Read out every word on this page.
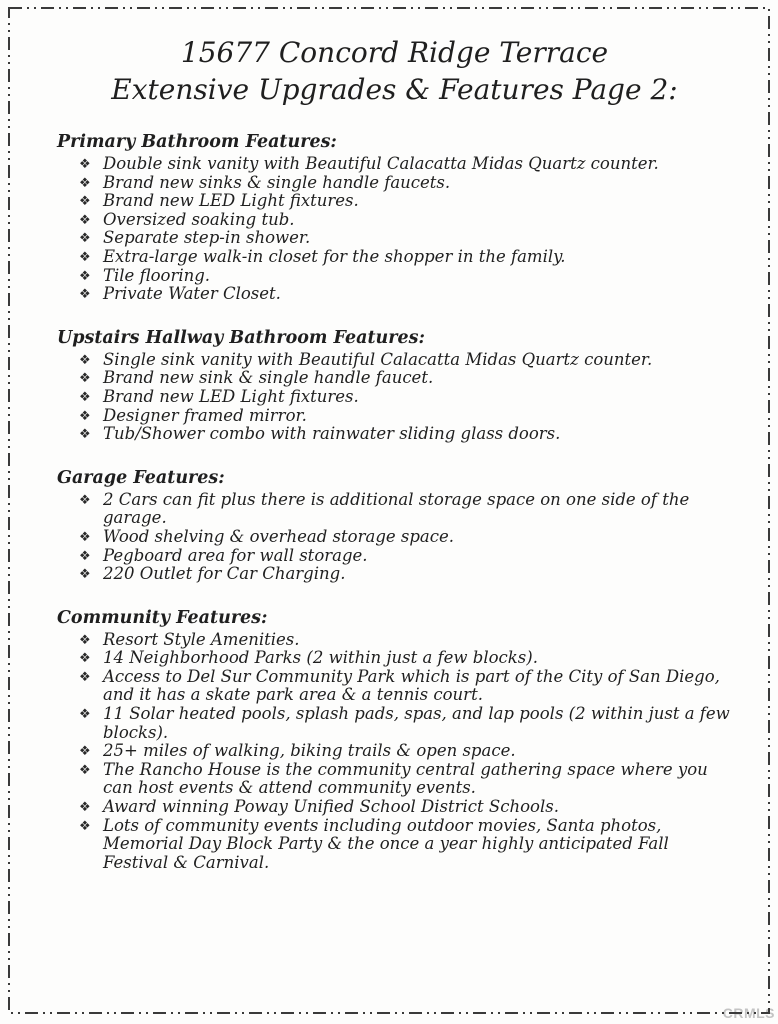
CRMLS
15677 Concord Ridge Terrace
Extensive Upgrades & Features Page 2:

Primary Bathroom Features:

❖ Double sink vanity with Beautiful Calacatta Midas Quartz counter.
❖ Brand new sinks & single handle faucets.
❖ Brand new LED Light fixtures.
❖ Oversized soaking tub.
❖ Separate step-in shower.
❖ Extra-large walk-in closet for the shopper in the family.
❖ Tile flooring.
❖ Private Water Closet.

Upstairs Hallway Bathroom Features:

❖ Single sink vanity with Beautiful Calacatta Midas Quartz counter.
❖ Brand new sink & single handle faucet.
❖ Brand new LED Light fixtures.
❖ Designer framed mirror.
❖ Tub/Shower combo with rainwater sliding glass doors.

Garage Features:

❖ 2 Cars can fit plus there is additional storage space on one side of the garage.
❖ Wood shelving & overhead storage space.
❖ Pegboard area for wall storage.
❖ 220 Outlet for Car Charging.

Community Features:

❖ Resort Style Amenities.
❖ 14 Neighborhood Parks (2 within just a few blocks).
❖ Access to Del Sur Community Park which is part of the City of San Diego, and it has a skate park area & a tennis court.
❖ 11 Solar heated pools, splash pads, spas, and lap pools (2 within just a few blocks).
❖ 25+ miles of walking, biking trails & open space.
❖ The Rancho House is the community central gathering space where you can host events & attend community events.
❖ Award winning Poway Unified School District Schools.
❖ Lots of community events including outdoor movies, Santa photos, Memorial Day Block Party & the once a year highly anticipated Fall Festival & Carnival.
